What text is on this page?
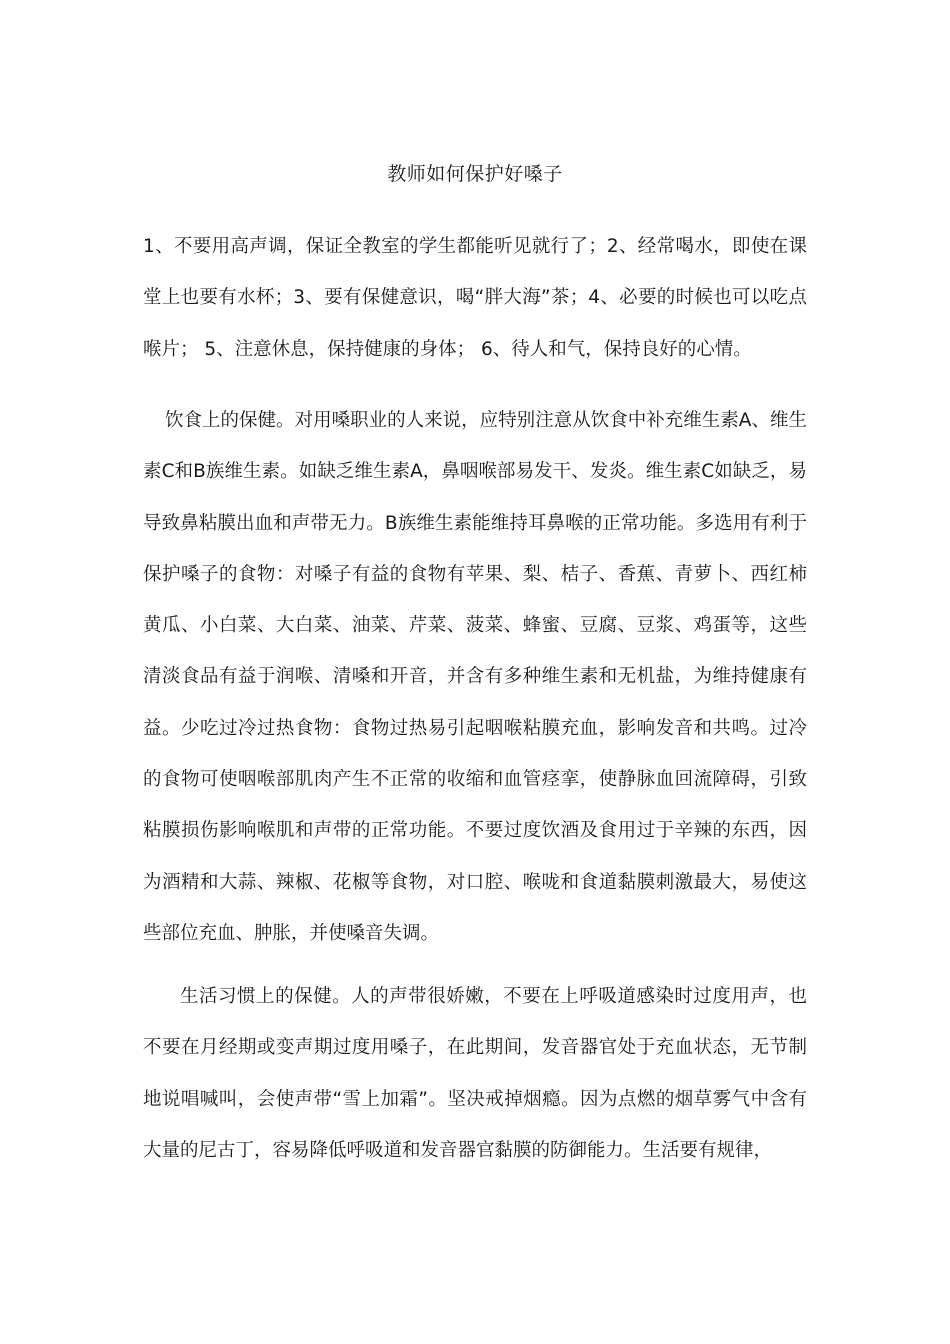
教师如何保护好嗓子

1、不要用高声调，保证全教室的学生都能听见就行了；2、经常喝水，即使在课堂上也要有水杯；3、要有保健意识，喝“胖大海”茶；4、必要的时候也可以吃点喉片； 5、注意休息，保持健康的身体； 6、待人和气，保持良好的心情。

饮食上的保健。对用嗓职业的人来说，应特别注意从饮食中补充维生素A、维生素C和B族维生素。如缺乏维生素A，鼻咽喉部易发干、发炎。维生素C如缺乏，易导致鼻粘膜出血和声带无力。B族维生素能维持耳鼻喉的正常功能。多选用有利于保护嗓子的食物：对嗓子有益的食物有苹果、梨、桔子、香蕉、青萝卜、西红柿黄瓜、小白菜、大白菜、油菜、芹菜、菠菜、蜂蜜、豆腐、豆浆、鸡蛋等，这些清淡食品有益于润喉、清嗓和开音，并含有多种维生素和无机盐，为维持健康有益。少吃过冷过热食物：食物过热易引起咽喉粘膜充血，影响发音和共鸣。过冷的食物可使咽喉部肌肉产生不正常的收缩和血管痉挛，使静脉血回流障碍，引致粘膜损伤影响喉肌和声带的正常功能。不要过度饮酒及食用过于辛辣的东西，因为酒精和大蒜、辣椒、花椒等食物，对口腔、喉咙和食道黏膜刺激最大，易使这些部位充血、肿胀，并使嗓音失调。

生活习惯上的保健。人的声带很娇嫩，不要在上呼吸道感染时过度用声，也不要在月经期或变声期过度用嗓子，在此期间，发音器官处于充血状态，无节制地说唱喊叫，会使声带“雪上加霜”。坚决戒掉烟瘾。因为点燃的烟草雾气中含有大量的尼古丁，容易降低呼吸道和发音器官黏膜的防御能力。生活要有规律，
